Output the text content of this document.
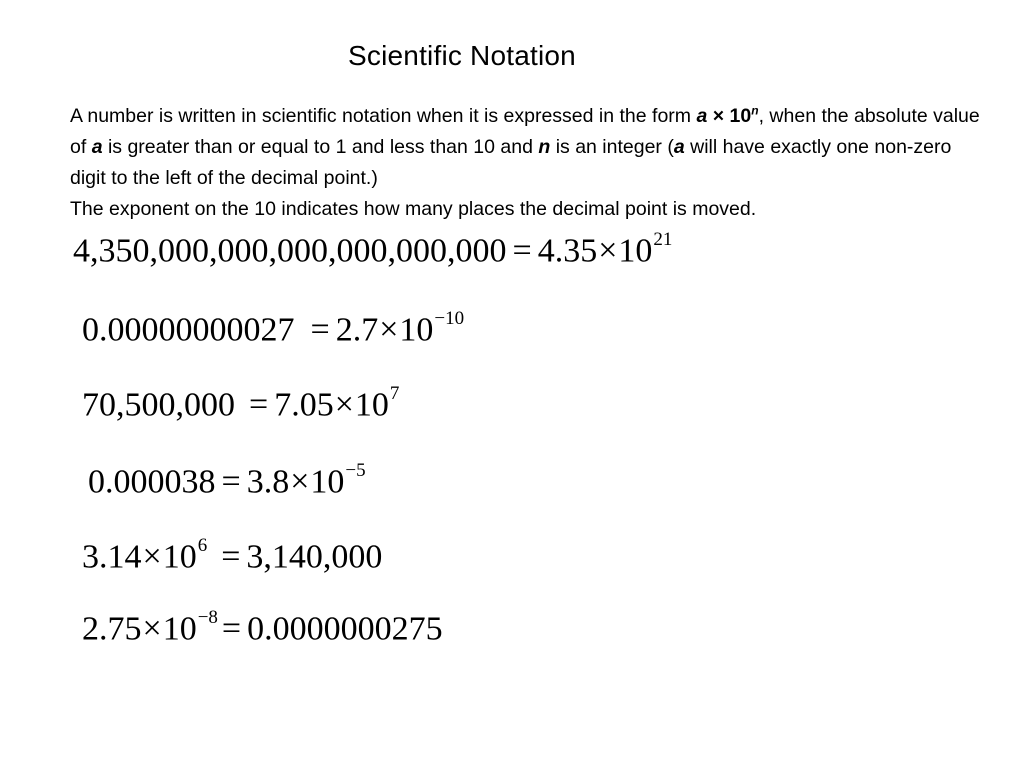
Scientific Notation

A number is written in scientific notation when it is expressed in the form $a \times 10^n$, when the absolute value of a is greater than or equal to 1 and less than 10 and n is an integer (a will have exactly one non-zero digit to the left of the decimal point.)

The exponent on the 10 indicates how many places the decimal point is moved.

$4,350,000,000,000,000,000,000 = 4.35\times 10^{21}$
$0.00000000027 = 2.7\times 10^{-10}$
$70,500,000 = 7.05\times 10^7$
$0.000038 = 3.8\times 10^{-5}$
$3.14\times 10^6 = 3,140,000$
$2.75\times 10^{-8} = 0.0000000275$
